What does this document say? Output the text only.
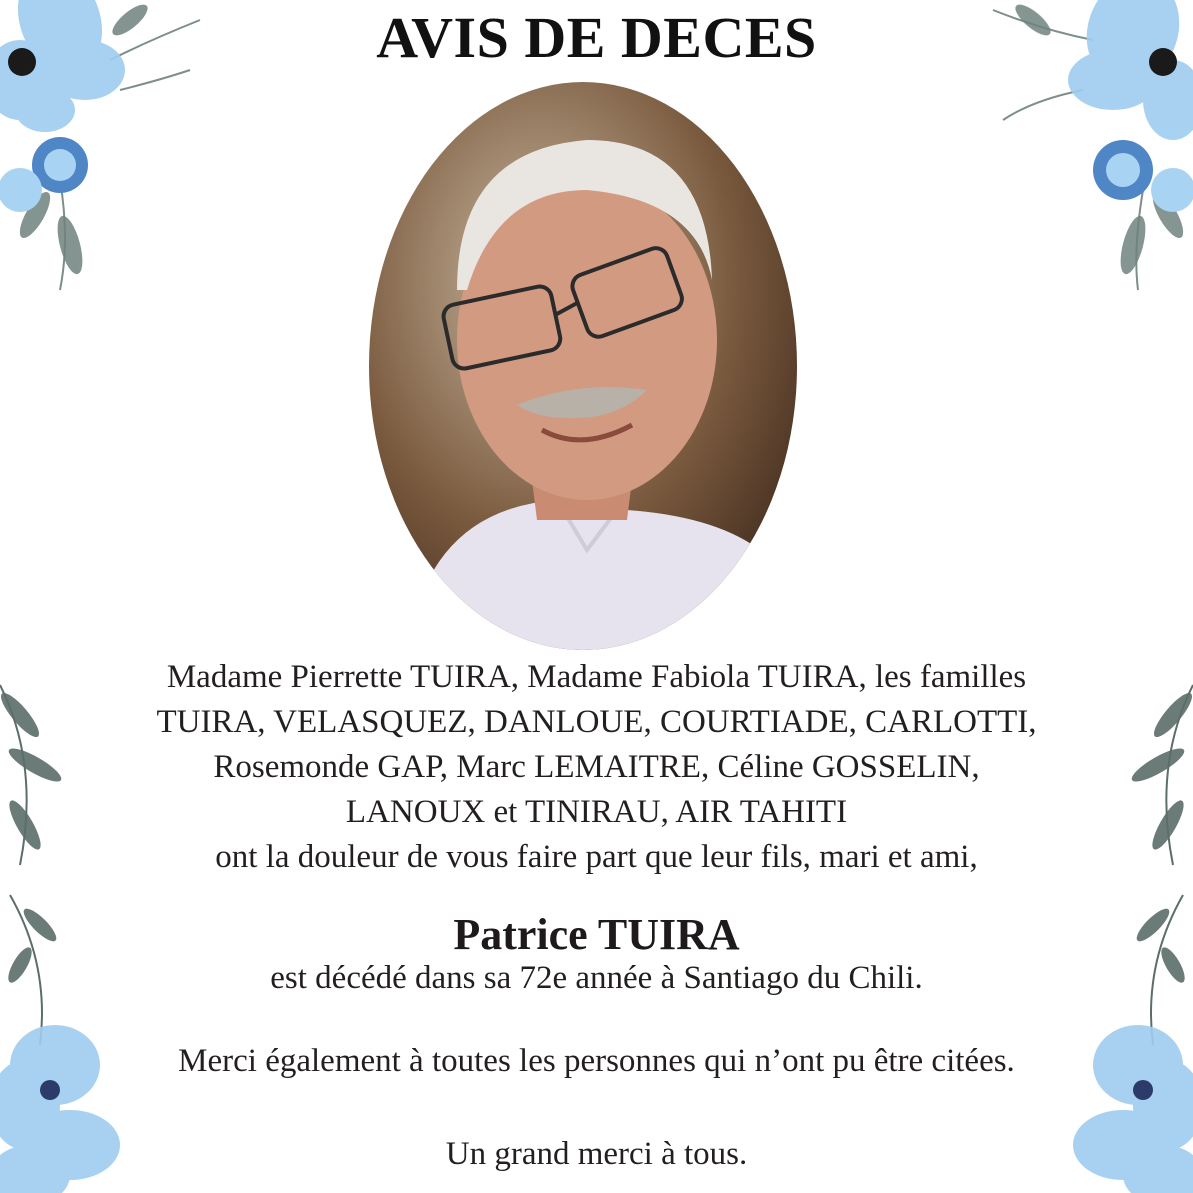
AVIS DE DECES
Madame Pierrette TUIRA, Madame Fabiola TUIRA, les familles
TUIRA, VELASQUEZ, DANLOUE, COURTIADE, CARLOTTI,
Rosemonde GAP, Marc LEMAITRE, Céline GOSSELIN,
LANOUX et TINIRAU, AIR TAHITI
ont la douleur de vous faire part que leur fils, mari et ami,
Patrice TUIRA
est décédé dans sa 72e année à Santiago du Chili.
Merci également à toutes les personnes qui n’ont pu être citées.
Un grand merci à tous.
